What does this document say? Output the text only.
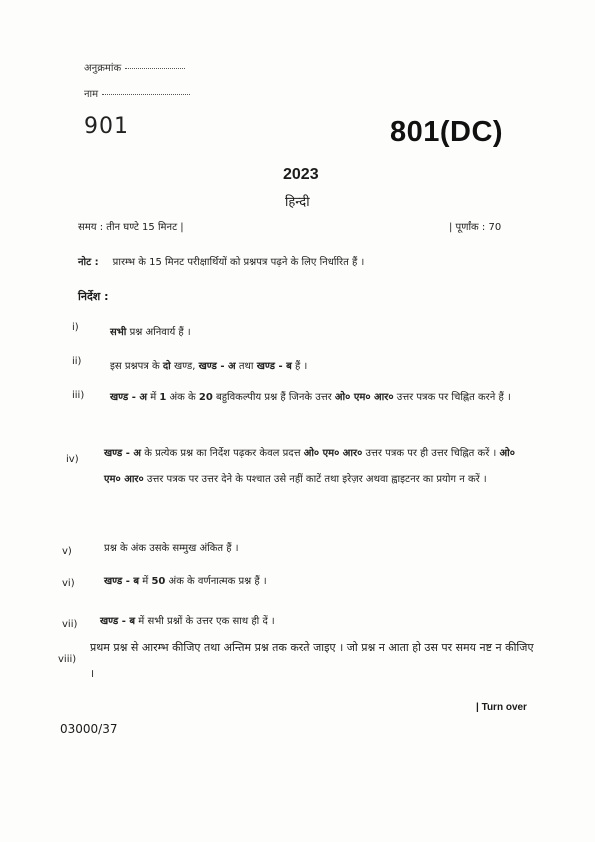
अनुक्रमांक
नाम
901	801(DC)
2023
हिन्दी
समय : तीन घण्टे 15 मिनट |	| पूर्णांक : 70
नोट : प्रारम्भ के 15 मिनट परीक्षार्थियों को प्रश्नपत्र पढ़ने के लिए निर्धारित हैं ।
निर्देश :
i)	सभी प्रश्न अनिवार्य हैं ।
ii)	इस प्रश्नपत्र के दो खण्ड, खण्ड - अ तथा खण्ड - ब हैं ।
iii)	खण्ड - अ में 1 अंक के 20 बहुविकल्पीय प्रश्न हैं जिनके उत्तर ओ० एम० आर० उत्तर पत्रक पर चिह्नित करने हैं ।
iv)
खण्ड - अ के प्रत्येक प्रश्न का निर्देश पढ़कर केवल प्रदत्त ओ० एम० आर० उत्तर पत्रक पर ही उत्तर चिह्नित करें । ओ० एम० आर० उत्तर पत्रक पर उत्तर देने के पश्चात उसे नहीं काटें तथा इरेज़र अथवा ह्वाइटनर का प्रयोग न करें ।
v)	प्रश्न के अंक उसके सम्मुख अंकित हैं ।
vi)	खण्ड - ब में 50 अंक के वर्णनात्मक प्रश्न हैं ।
vii) खण्ड - ब में सभी प्रश्नों के उत्तर एक साथ ही दें ।
viii)
प्रथम प्रश्न से आरम्भ कीजिए तथा अन्तिम प्रश्न तक करते जाइए । जो प्रश्न न आता हो उस पर समय नष्ट न कीजिए ।
| Turn over
03000/37
